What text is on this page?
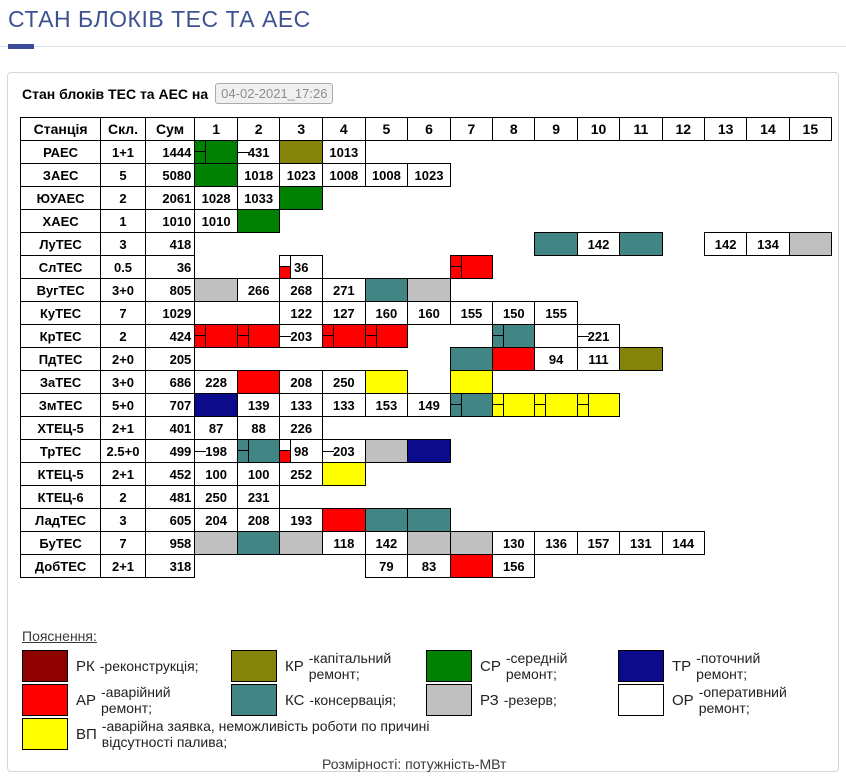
СТАН БЛОКІВ ТЕС ТА АЕС
Стан блоків ТЕС та АЕС на
04-02-2021_17:26
Станція	Скл.	Сум	1	2	3	4	5	6	7	8	9	10	11	12	13	14	15
РАЕС	1+1	1444		431		1013											
ЗАЕС	5	5080		1018	1023	1008	1008	1023									
ЮУАЕС	2	2061	1028	1033													
ХАЕС	1	1010	1010														
ЛуТЕС	3	418										142			142	134	
СлТЕС	0.5	36			36

ВугТЕС	3+0	805		266	268	271											
КуТЕС	7	1029			122	127	160	160	155	150	155						
КрТЕС	2	424			203							221

ПдТЕС	2+0	205									94	111					
ЗаТЕС	3+0	686	228		208	250											
ЗмТЕС	5+0	707		139	133	133	153	149	

ХТЕЦ-5	2+1	401	87	88	226												
ТрТЕС	2.5+0	499	198		98	203

КТЕЦ-5	2+1	452	100	100	252												
КТЕЦ-6	2	481	250	231													
ЛадТЕС	3	605	204	208	193												
БуТЕС	7	958				118	142			130	136	157	131	144			
ДобТЕС	2+1	318					79	83		156							
Пояснення:
РК -реконструкція;
АР -аварійний ремонт;
ВП -аварійна заявка, неможливість роботи по причині відсутності палива;
КР -капітальний ремонт;
КС -консервація;
СР -середній ремонт;
РЗ -резерв;
ТР -поточний ремонт;
ОР -оперативний ремонт;
Розмірності: потужність-МВт
